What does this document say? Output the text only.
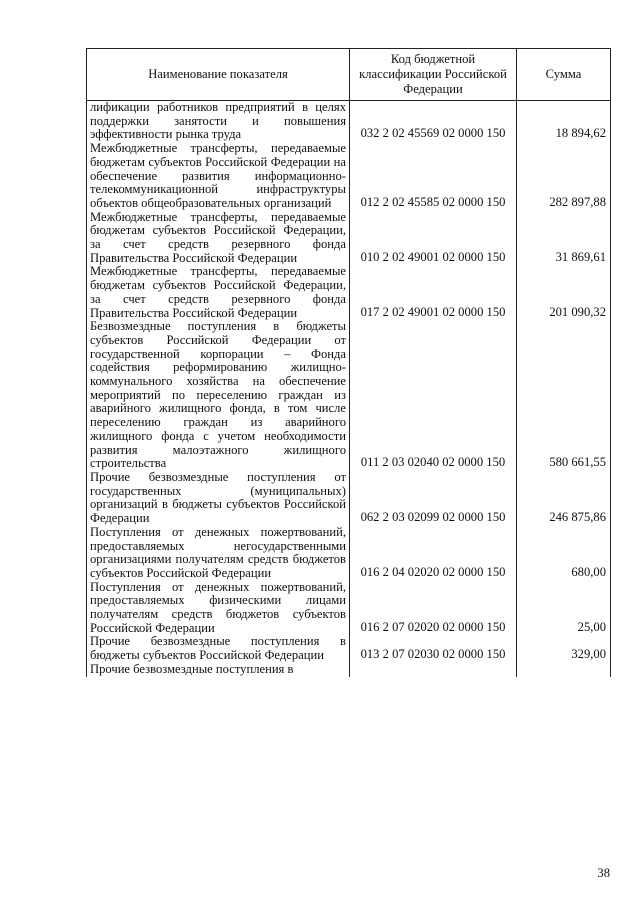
Наименование показателя	Код бюджетной классификации Российской Федерации	Сумма
лификации работников предприятий в целях поддержки занятости и повышения эффективности рынка труда	032 2 02 45569 02 0000 150	18 894,62
Межбюджетные трансферты, передаваемые бюджетам субъектов Российской Федерации на обеспечение развития информационно-телекоммуникационной инфраструктуры объектов общеобразовательных организаций	012 2 02 45585 02 0000 150	282 897,88
Межбюджетные трансферты, передаваемые бюджетам субъектов Российской Федерации, за счет средств резервного фонда Правительства Российской Федерации	010 2 02 49001 02 0000 150	31 869,61
Межбюджетные трансферты, передаваемые бюджетам субъектов Российской Федерации, за счет средств резервного фонда Правительства Российской Федерации	017 2 02 49001 02 0000 150	201 090,32
Безвозмездные поступления в бюджеты субъектов Российской Федерации от государственной корпорации – Фонда содействия реформированию жилищно-коммунального хозяйства на обеспечение мероприятий по переселению граждан из аварийного жилищного фонда, в том числе переселению граждан из аварийного жилищного фонда с учетом необходимости развития малоэтажного жилищного строительства	011 2 03 02040 02 0000 150	580 661,55
Прочие безвозмездные поступления от государственных (муниципальных) организаций в бюджеты субъектов Российской Федерации	062 2 03 02099 02 0000 150	246 875,86
Поступления от денежных пожертвований, предоставляемых негосударственными организациями получателям средств бюджетов субъектов Российской Федерации	016 2 04 02020 02 0000 150	680,00
Поступления от денежных пожертвований, предоставляемых физическими лицами получателям средств бюджетов субъектов Российской Федерации	016 2 07 02020 02 0000 150	25,00
Прочие безвозмездные поступления в бюджеты субъектов Российской Федерации	013 2 07 02030 02 0000 150	329,00
Прочие безвозмездные поступления в		
38
